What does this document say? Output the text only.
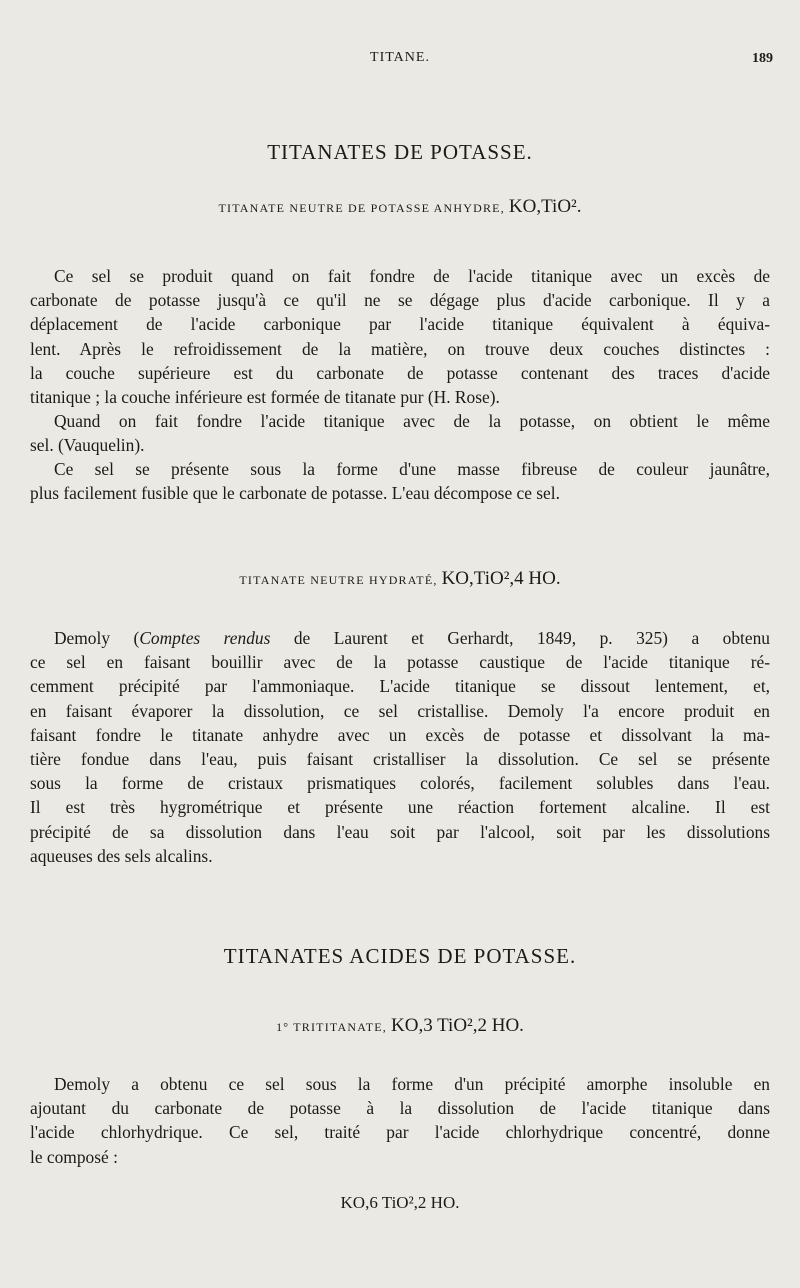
TITANE.	189
TITANATES DE POTASSE.
TITANATE NEUTRE DE POTASSE ANHYDRE, KO,TiO².
Ce sel se produit quand on fait fondre de l'acide titanique avec un excès de
carbonate de potasse jusqu'à ce qu'il ne se dégage plus d'acide carbonique. Il y a
déplacement de l'acide carbonique par l'acide titanique équivalent à équiva-
lent. Après le refroidissement de la matière, on trouve deux couches distinctes :
la couche supérieure est du carbonate de potasse contenant des traces d'acide
titanique ; la couche inférieure est formée de titanate pur (H. Rose).
Quand on fait fondre l'acide titanique avec de la potasse, on obtient le même
sel. (Vauquelin).
Ce sel se présente sous la forme d'une masse fibreuse de couleur jaunâtre,
plus facilement fusible que le carbonate de potasse. L'eau décompose ce sel.
TITANATE NEUTRE HYDRATÉ, KO,TiO²,4 HO.
Demoly (Comptes rendus de Laurent et Gerhardt, 1849, p. 325) a obtenu
ce sel en faisant bouillir avec de la potasse caustique de l'acide titanique ré-
cemment précipité par l'ammoniaque. L'acide titanique se dissout lentement, et,
en faisant évaporer la dissolution, ce sel cristallise. Demoly l'a encore produit en
faisant fondre le titanate anhydre avec un excès de potasse et dissolvant la ma-
tière fondue dans l'eau, puis faisant cristalliser la dissolution. Ce sel se présente
sous la forme de cristaux prismatiques colorés, facilement solubles dans l'eau.
Il est très hygrométrique et présente une réaction fortement alcaline. Il est
précipité de sa dissolution dans l'eau soit par l'alcool, soit par les dissolutions
aqueuses des sels alcalins.
TITANATES ACIDES DE POTASSE.
1° TRITITANATE, KO,3 TiO²,2 HO.
Demoly a obtenu ce sel sous la forme d'un précipité amorphe insoluble en
ajoutant du carbonate de potasse à la dissolution de l'acide titanique dans
l'acide chlorhydrique. Ce sel, traité par l'acide chlorhydrique concentré, donne
le composé :
KO,6 TiO²,2 HO.
